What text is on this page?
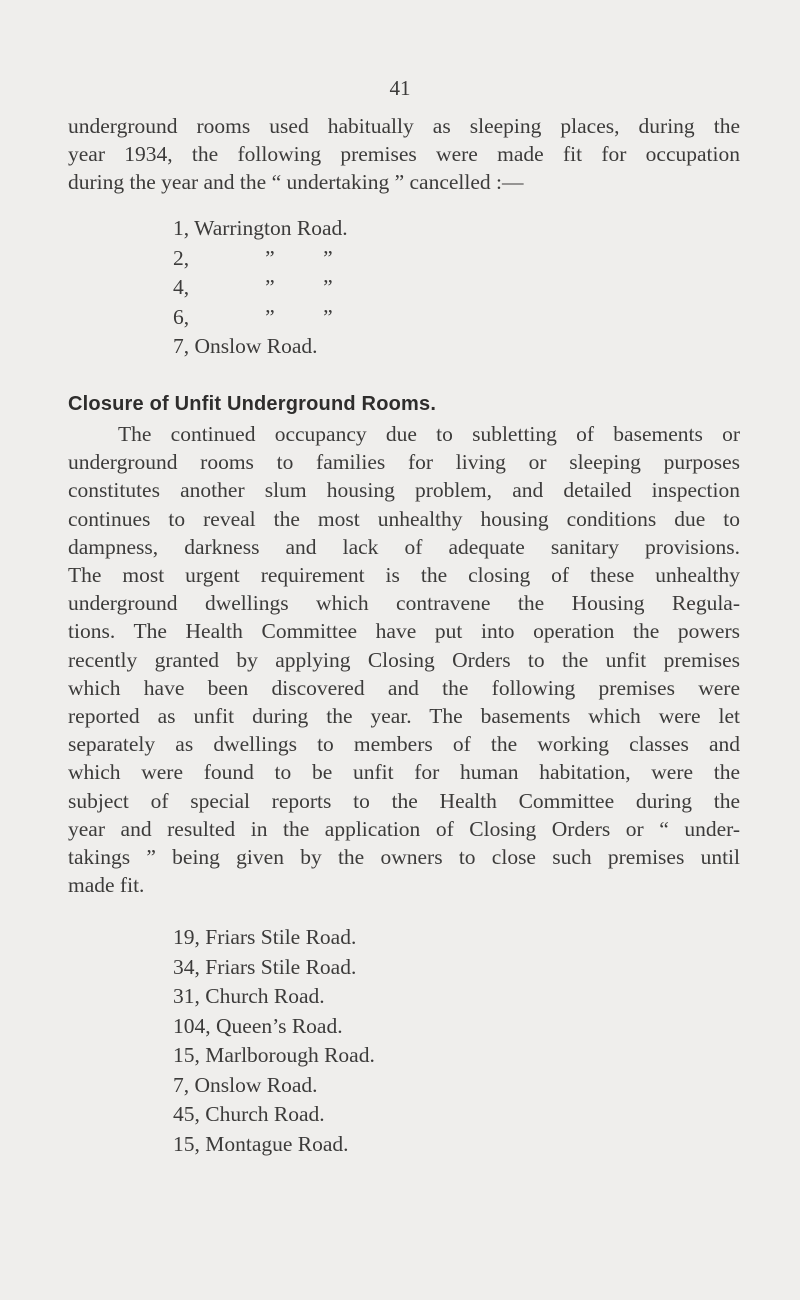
41

underground rooms used habitually as sleeping places, during the
year 1934, the following premises were made fit for occupation
during the year and the “ undertaking ” cancelled :—

1, Warrington Road.
2,	” ”
4,	” ”
6,	” ”
7, Onslow Road.
Closure of Unfit Underground Rooms.

The continued occupancy due to subletting of basements or
underground rooms to families for living or sleeping purposes
constitutes another slum housing problem, and detailed inspection
continues to reveal the most unhealthy housing conditions due to
dampness, darkness and lack of adequate sanitary provisions.
The most urgent requirement is the closing of these unhealthy
underground dwellings which contravene the Housing Regula-
tions. The Health Committee have put into operation the powers
recently granted by applying Closing Orders to the unfit premises
which have been discovered and the following premises were
reported as unfit during the year. The basements which were let
separately as dwellings to members of the working classes and
which were found to be unfit for human habitation, were the
subject of special reports to the Health Committee during the
year and resulted in the application of Closing Orders or “ under-
takings ” being given by the owners to close such premises until
made fit.

19, Friars Stile Road.
34, Friars Stile Road.
31, Church Road.
104, Queen’s Road.
15, Marlborough Road.
7, Onslow Road.
45, Church Road.
15, Montague Road.
